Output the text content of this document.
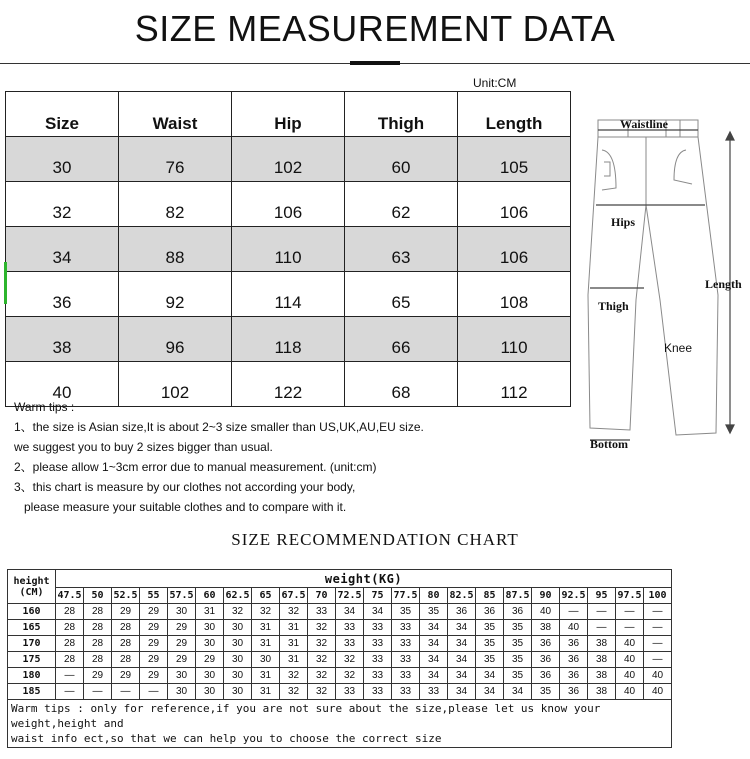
SIZE MEASUREMENT DATA
Unit:CM
Size	Waist	Hip	Thigh	Length
30	76	102	60	105
32	82	106	62	106
34	88	110	63	106
36	92	114	65	108
38	96	118	66	110
40	102	122	68	112
Warm tips :
1、the size is Asian size,It is about 2~3 size smaller than US,UK,AU,EU size.
we suggest you to buy 2 sizes bigger than usual.
2、please allow 1~3cm error due to manual measurement. (unit:cm)
3、this chart is measure by our clothes not according your body,
please measure your suitable clothes and to compare with it.
Waistline
Hips
Length
Thigh
Knee
Bottom
SIZE RECOMMENDATION CHART
height
(CM)	weight(KG)																					
	47.5	50	52.5	55	57.5	60	62.5	65	67.5	70	72.5	75	77.5	80	82.5	85	87.5	90	92.5	95	97.5	100
160	28	28	29	29	30	31	32	32	32	33	34	34	35	35	36	36	36	40	—	—	—	—
165	28	28	28	29	29	30	30	31	31	32	33	33	33	34	34	35	35	38	40	—	—	—
170	28	28	28	29	29	30	30	31	31	32	33	33	33	34	34	35	35	36	36	38	40	—
175	28	28	28	29	29	29	30	30	31	32	32	33	33	34	34	35	35	36	36	38	40	—
180	—	29	29	29	30	30	30	31	32	32	32	33	33	34	34	34	35	36	36	38	40	40
185	—	—	—	—	30	30	30	31	32	32	33	33	33	33	34	34	34	35	36	38	40	40

Warm tips : only for reference,if you are not sure about the size,please let us know your weight,height and
waist info ect,so that we can help you to choose the correct size																						
